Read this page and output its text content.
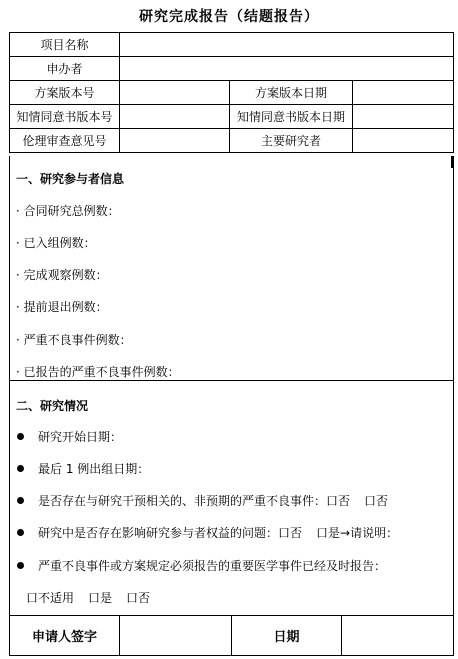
研究完成报告（结题报告）
项目名称			
申办者			
方案版本号		方案版本日期	
知情同意书版本号		知情同意书版本日期	
伦理审查意见号		主要研究者	
一、研究参与者信息
· 合同研究总例数：
· 已入组例数：
· 完成观察例数：
· 提前退出例数：
· 严重不良事件例数：
· 已报告的严重不良事件例数：
二、研究情况
研究开始日期：
最后 1 例出组日期：
是否存在与研究干预相关的、非预期的严重不良事件：口否 口否
研究中是否存在影响研究参与者权益的问题：口否 口是→请说明：
严重不良事件或方案规定必须报告的重要医学事件已经及时报告：
口不适用 口是 口否
申请人签字		日期	
